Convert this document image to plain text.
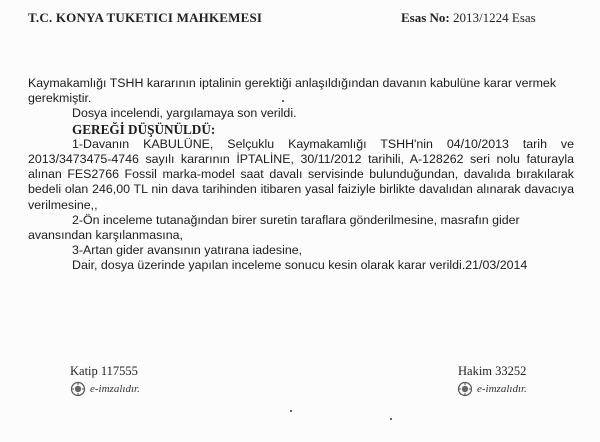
T.C. KONYA TUKETICI MAHKEMESI	Esas No: 2013/1224 Esas

Kaymakamlığı TSHH kararının iptalinin gerektiği anlaşıldığından davanın kabulüne karar vermek gerekmiştir.

Dosya incelendi, yargılamaya son verildi.

GEREĞİ DÜŞÜNÜLDÜ:

1-Davanın KABULÜNE, Selçuklu Kaymakamlığı TSHH'nin 04/10/2013 tarih ve 2013/3473475-4746 sayılı kararının İPTALİNE, 30/11/2012 tarihili, A-128262 seri nolu faturayla alınan FES2766 Fossil marka-model saat davalı servisinde bulunduğundan, davalıda bırakılarak bedeli olan 246,00 TL nin dava tarihinden itibaren yasal faiziyle birlikte davalıdan alınarak davacıya verilmesine,,

2-Ön inceleme tutanağından birer suretin taraflara gönderilmesine, masrafın gider avansından karşılanmasına,

3-Artan gider avansının yatırana iadesine,

Dair, dosya üzerinde yapılan inceleme sonucu kesin olarak karar verildi.21/03/2014

Katip 117555	Hakim 33252
e-imzalıdır.	e-imzalıdır.
